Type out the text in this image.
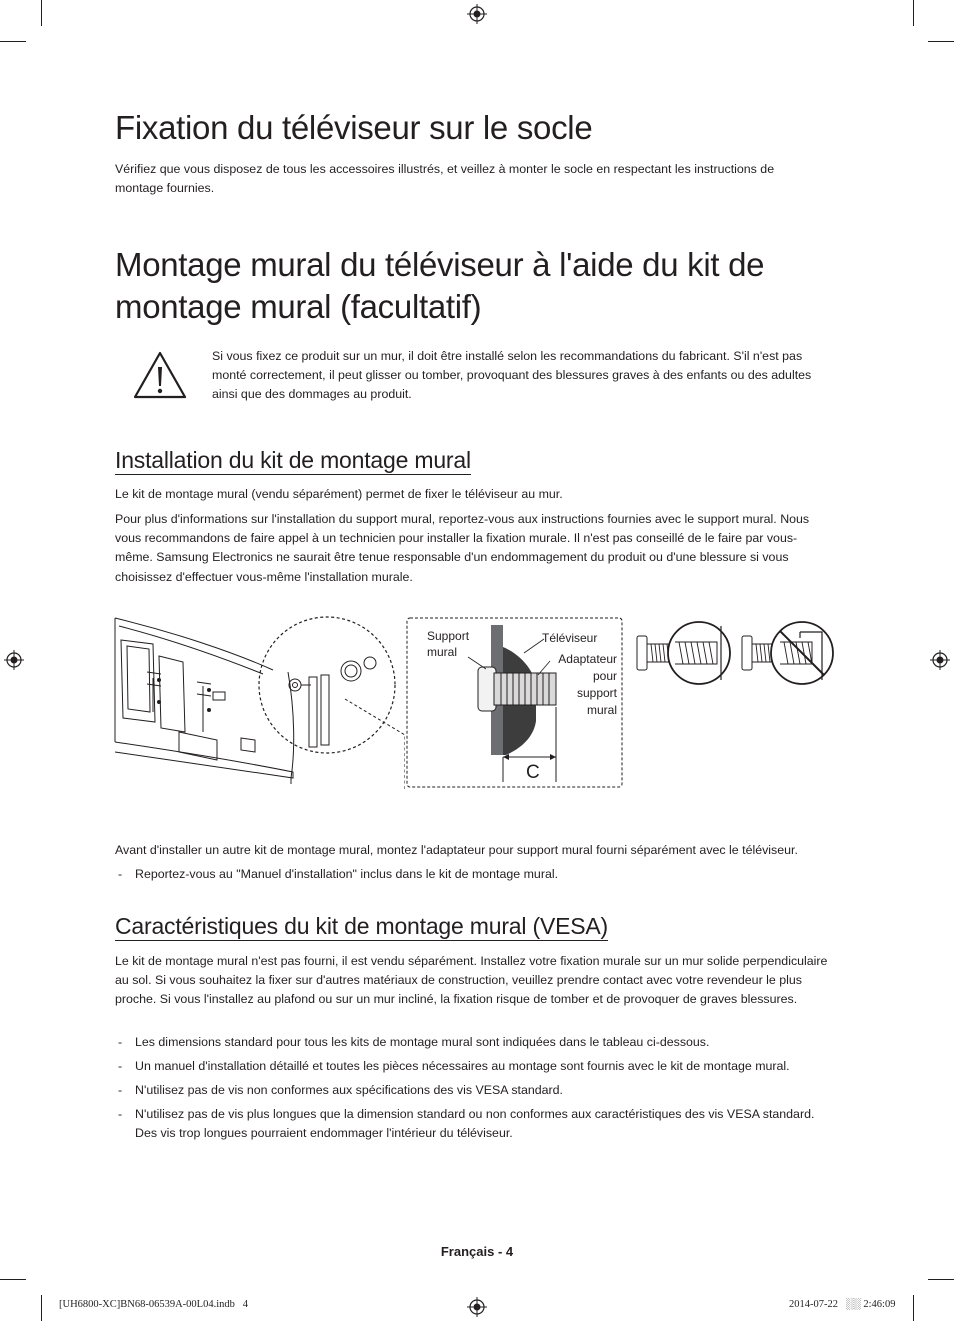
Fixation du téléviseur sur le socle

Vérifiez que vous disposez de tous les accessoires illustrés, et veillez à monter le socle en respectant les instructions de montage fournies.

Montage mural du téléviseur à l'aide du kit de
montage mural (facultatif)

Si vous fixez ce produit sur un mur, il doit être installé selon les recommandations du fabricant. S'il n'est pas monté correctement, il peut glisser ou tomber, provoquant des blessures graves à des enfants ou des adultes ainsi que des dommages au produit.

Installation du kit de montage mural

Le kit de montage mural (vendu séparément) permet de fixer le téléviseur au mur.

Pour plus d'informations sur l'installation du support mural, reportez-vous aux instructions fournies avec le support mural. Nous vous recommandons de faire appel à un technicien pour installer la fixation murale. Il n'est pas conseillé de le faire par vous-même. Samsung Electronics ne saurait être tenue responsable d'un endommagement du produit ou d'une blessure si vous choisissez d'effectuer vous-même l'installation murale.

Support
mural
Téléviseur
Adaptateur
pour
support
mural
C

Avant d'installer un autre kit de montage mural, montez l'adaptateur pour support mural fourni séparément avec le téléviseur.

- Reportez-vous au "Manuel d'installation" inclus dans le kit de montage mural.
Caractéristiques du kit de montage mural (VESA)

Le kit de montage mural n'est pas fourni, il est vendu séparément. Installez votre fixation murale sur un mur solide perpendiculaire au sol. Si vous souhaitez la fixer sur d'autres matériaux de construction, veuillez prendre contact avec votre revendeur le plus proche. Si vous l'installez au plafond ou sur un mur incliné, la fixation risque de tomber et de provoquer de graves blessures.

- Les dimensions standard pour tous les kits de montage mural sont indiquées dans le tableau ci-dessous.
- Un manuel d'installation détaillé et toutes les pièces nécessaires au montage sont fournis avec le kit de montage mural.
- N'utilisez pas de vis non conformes aux spécifications des vis VESA standard.
- N'utilisez pas de vis plus longues que la dimension standard ou non conformes aux caractéristiques des vis VESA standard. Des vis trop longues pourraient endommager l'intérieur du téléviseur.
Français - 4
[UH6800-XC]BN68-06539A-00L04.indb   4	2014-07-22   ░░ 2:46:09
